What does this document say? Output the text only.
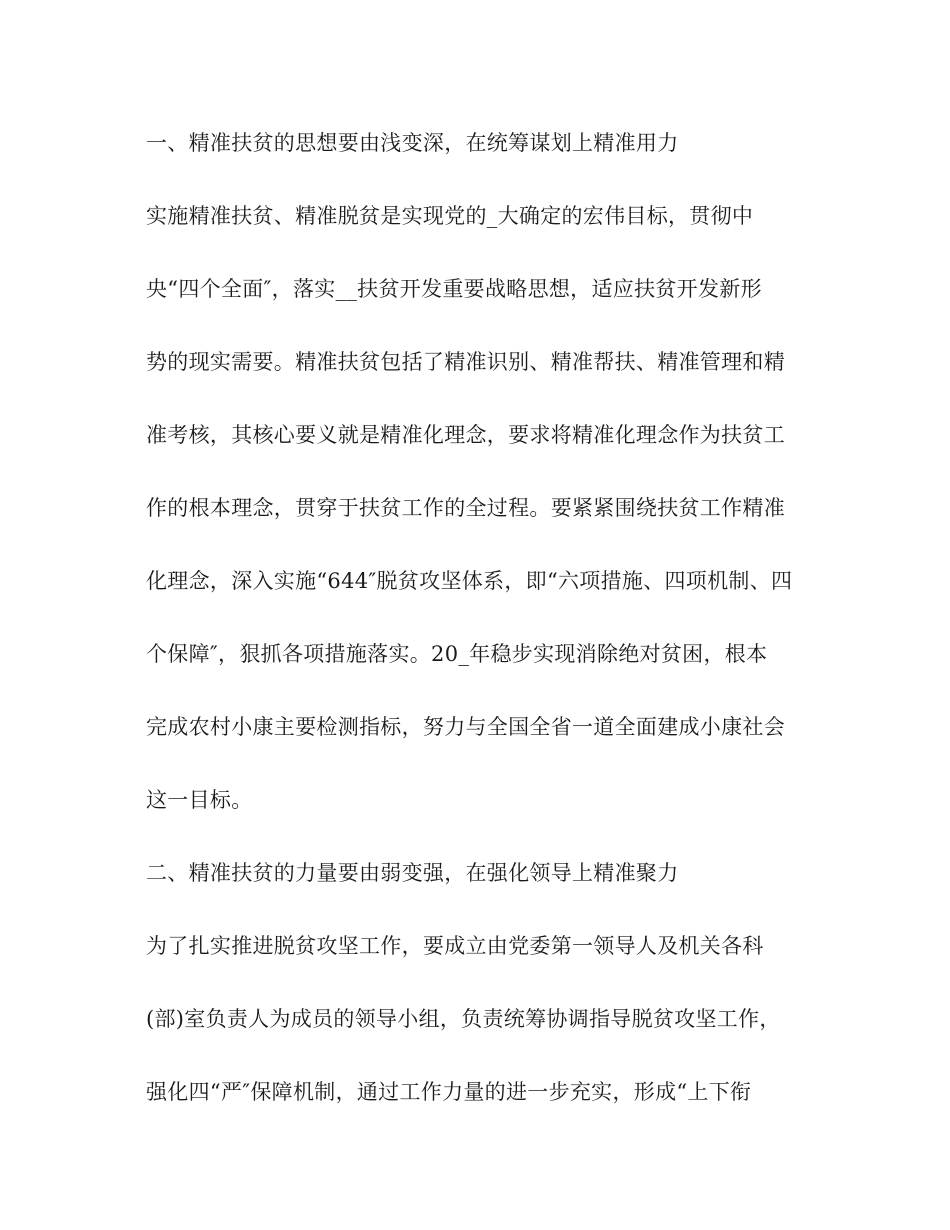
一、精准扶贫的思想要由浅变深，在统筹谋划上精准用力
实施精准扶贫、精准脱贫是实现党的_大确定的宏伟目标，贯彻中
央“四个全面″，落实__扶贫开发重要战略思想，适应扶贫开发新形
势的现实需要。精准扶贫包括了精准识别、精准帮扶、精准管理和精
准考核，其核心要义就是精准化理念，要求将精准化理念作为扶贫工
作的根本理念，贯穿于扶贫工作的全过程。要紧紧围绕扶贫工作精准
化理念，深入实施“644″脱贫攻坚体系，即“六项措施、四项机制、四
个保障″，狠抓各项措施落实。20_年稳步实现消除绝对贫困，根本
完成农村小康主要检测指标，努力与全国全省一道全面建成小康社会
这一目标。
二、精准扶贫的力量要由弱变强，在强化领导上精准聚力
为了扎实推进脱贫攻坚工作，要成立由党委第一领导人及机关各科
(部)室负责人为成员的领导小组，负责统筹协调指导脱贫攻坚工作，
强化四“严″保障机制，通过工作力量的进一步充实，形成“上下衔
